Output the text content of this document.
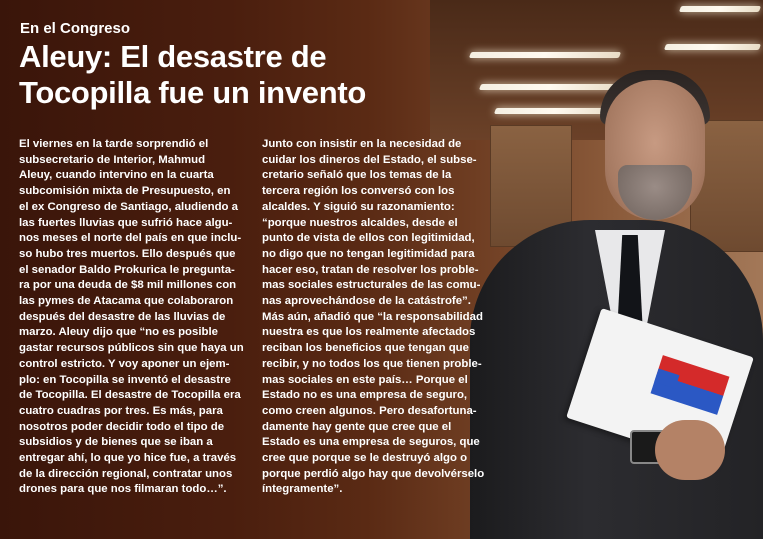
En el Congreso
Aleuy: El desastre de
Tocopilla fue un invento

El viernes en la tarde sorprendió el
subsecretario de Interior, Mahmud
Aleuy, cuando intervino en la cuarta
subcomisión mixta de Presupuesto, en
el ex Congreso de Santiago, aludiendo a
las fuertes lluvias que sufrió hace algu-
nos meses el norte del país en que inclu-
so hubo tres muertos. Ello después que
el senador Baldo Prokurica le pregunta-
ra por una deuda de $8 mil millones con
las pymes de Atacama que colaboraron
después del desastre de las lluvias de
marzo. Aleuy dijo que “no es posible
gastar recursos públicos sin que haya un
control estricto. Y voy aponer un ejem-
plo: en Tocopilla se inventó el desastre
de Tocopilla. El desastre de Tocopilla era
cuatro cuadras por tres. Es más, para
nosotros poder decidir todo el tipo de
subsidios y de bienes que se iban a
entregar ahí, lo que yo hice fue, a través
de la dirección regional, contratar unos
drones para que nos filmaran todo…”.

Junto con insistir en la necesidad de
cuidar los dineros del Estado, el subse-
cretario señaló que los temas de la
tercera región los conversó con los
alcaldes. Y siguió su razonamiento:
“porque nuestros alcaldes, desde el
punto de vista de ellos con legitimidad,
no digo que no tengan legitimidad para
hacer eso, tratan de resolver los proble-
mas sociales estructurales de las comu-
nas aprovechándose de la catástrofe”.
Más aún, añadió que “la responsabilidad
nuestra es que los realmente afectados
reciban los beneficios que tengan que
recibir, y no todos los que tienen proble-
mas sociales en este país… Porque el
Estado no es una empresa de seguro,
como creen algunos. Pero desafortuna-
damente hay gente que cree que el
Estado es una empresa de seguros, que
cree que porque se le destruyó algo o
porque perdió algo hay que devolvérselo
íntegramente”.
